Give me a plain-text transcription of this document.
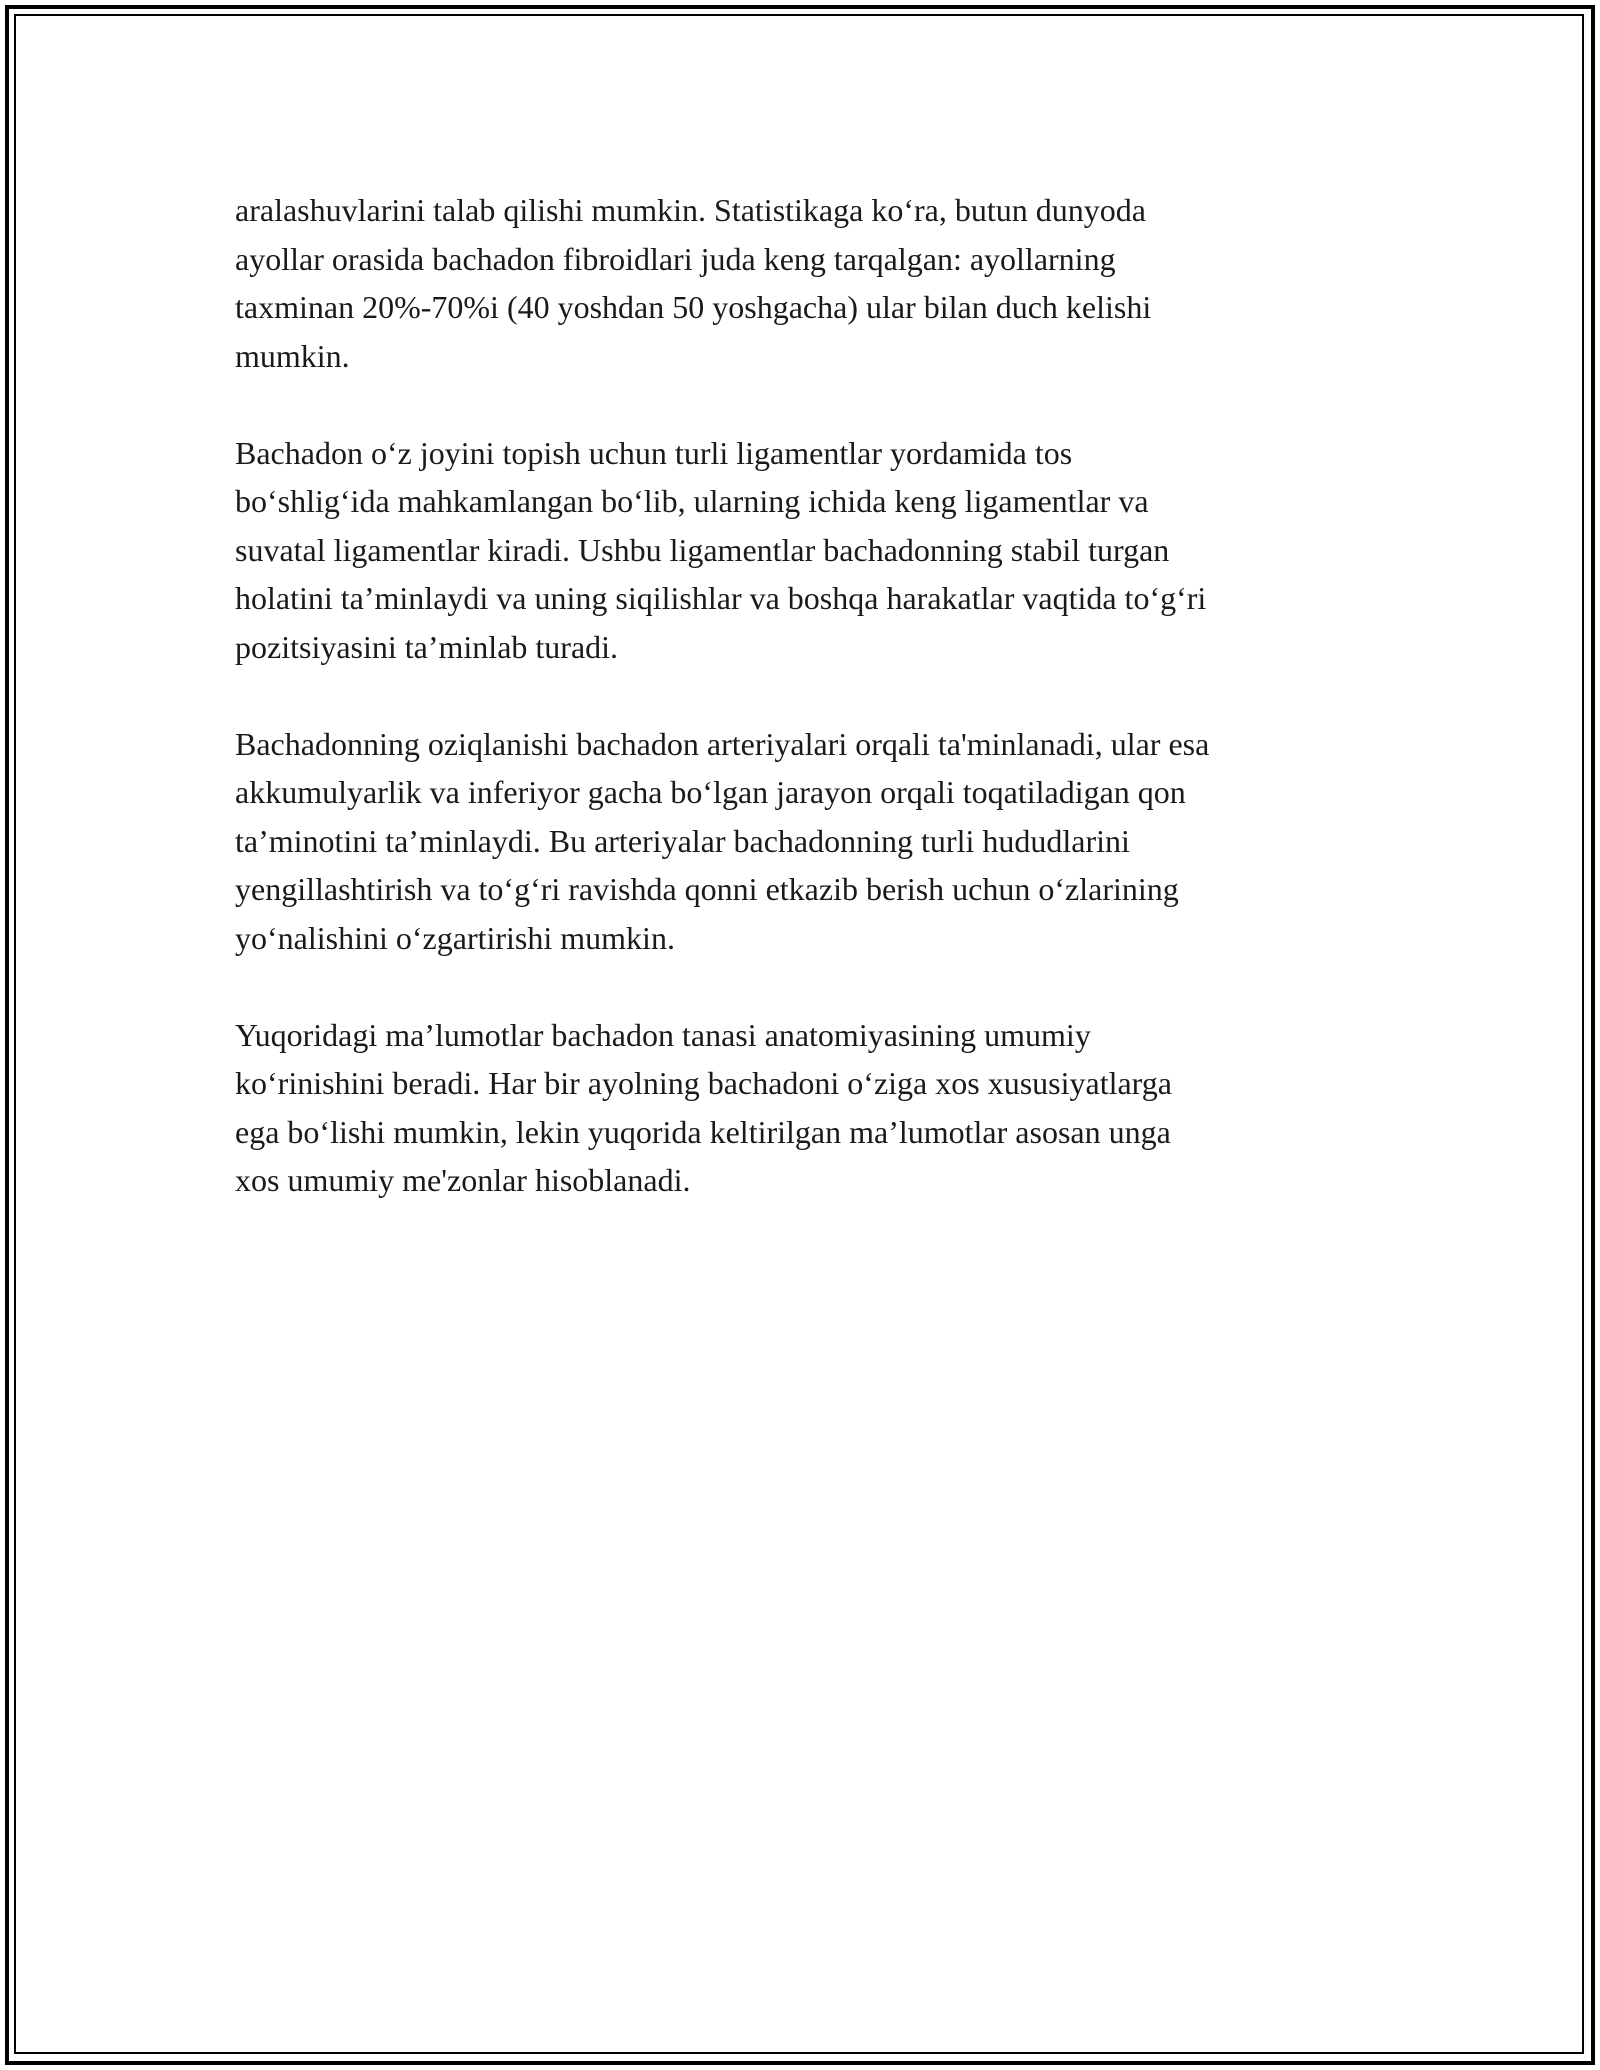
aralashuvlarini talab qilishi mumkin. Statistikaga koʻra, butun dunyoda
ayollar orasida bachadon fibroidlari juda keng tarqalgan: ayollarning
taxminan 20%-70%i (40 yoshdan 50 yoshgacha) ular bilan duch kelishi
mumkin.

Bachadon oʻz joyini topish uchun turli ligamentlar yordamida tos
boʻshligʻida mahkamlangan boʻlib, ularning ichida keng ligamentlar va
suvatal ligamentlar kiradi. Ushbu ligamentlar bachadonning stabil turgan
holatini ta’minlaydi va uning siqilishlar va boshqa harakatlar vaqtida toʻgʻri
pozitsiyasini ta’minlab turadi.

Bachadonning oziqlanishi bachadon arteriyalari orqali ta'minlanadi, ular esa
akkumulyarlik va inferiyor gacha boʻlgan jarayon orqali toqatiladigan qon
ta’minotini ta’minlaydi. Bu arteriyalar bachadonning turli hududlarini
yengillashtirish va toʻgʻri ravishda qonni etkazib berish uchun oʻzlarining
yoʻnalishini oʻzgartirishi mumkin.

Yuqoridagi ma’lumotlar bachadon tanasi anatomiyasining umumiy
koʻrinishini beradi. Har bir ayolning bachadoni oʻziga xos xususiyatlarga
ega boʻlishi mumkin, lekin yuqorida keltirilgan ma’lumotlar asosan unga
xos umumiy me'zonlar hisoblanadi.
